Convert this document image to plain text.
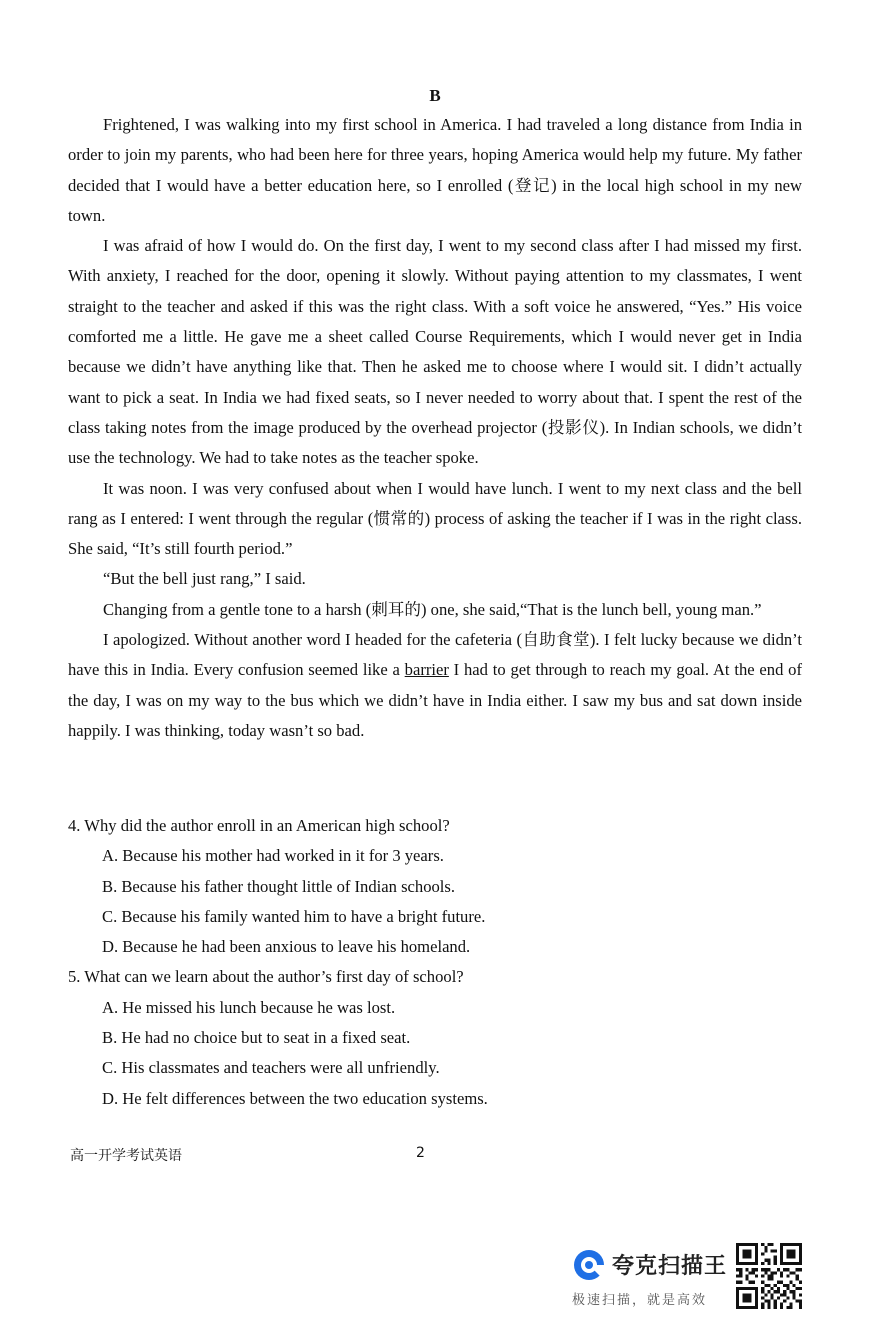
B

Frightened, I was walking into my first school in America. I had traveled a long distance from India in order to join my parents, who had been here for three years, hoping America would help my future. My father decided that I would have a better education here, so I enrolled (登记) in the local high school in my new town.

I was afraid of how I would do. On the first day, I went to my second class after I had missed my first. With anxiety, I reached for the door, opening it slowly. Without paying attention to my classmates, I went straight to the teacher and asked if this was the right class. With a soft voice he answered, “Yes.” His voice comforted me a little. He gave me a sheet called Course Requirements, which I would never get in India because we didn’t have anything like that. Then he asked me to choose where I would sit. I didn’t actually want to pick a seat. In India we had fixed seats, so I never needed to worry about that. I spent the rest of the class taking notes from the image produced by the overhead projector (投影仪). In Indian schools, we didn’t use the technology. We had to take notes as the teacher spoke.

It was noon. I was very confused about when I would have lunch. I went to my next class and the bell rang as I entered: I went through the regular (惯常的) process of asking the teacher if I was in the right class. She said, “It’s still fourth period.”

“But the bell just rang,” I said.

Changing from a gentle tone to a harsh (刺耳的) one, she said,“That is the lunch bell, young man.”

I apologized. Without another word I headed for the cafeteria (自助食堂). I felt lucky because we didn’t have this in India. Every confusion seemed like a barrier I had to get through to reach my goal. At the end of the day, I was on my way to the bus which we didn’t have in India either. I saw my bus and sat down inside happily. I was thinking, today wasn’t so bad.

4. Why did the author enroll in an American high school?

A. Because his mother had worked in it for 3 years.

B. Because his father thought little of Indian schools.

C. Because his family wanted him to have a bright future.

D. Because he had been anxious to leave his homeland.

5. What can we learn about the author’s first day of school?

A. He missed his lunch because he was lost.

B. He had no choice but to seat in a fixed seat.

C. His classmates and teachers were all unfriendly.

D. He felt differences between the two education systems.

高一开学考试英语	2
夸克扫描王
极速扫描，就是高效
